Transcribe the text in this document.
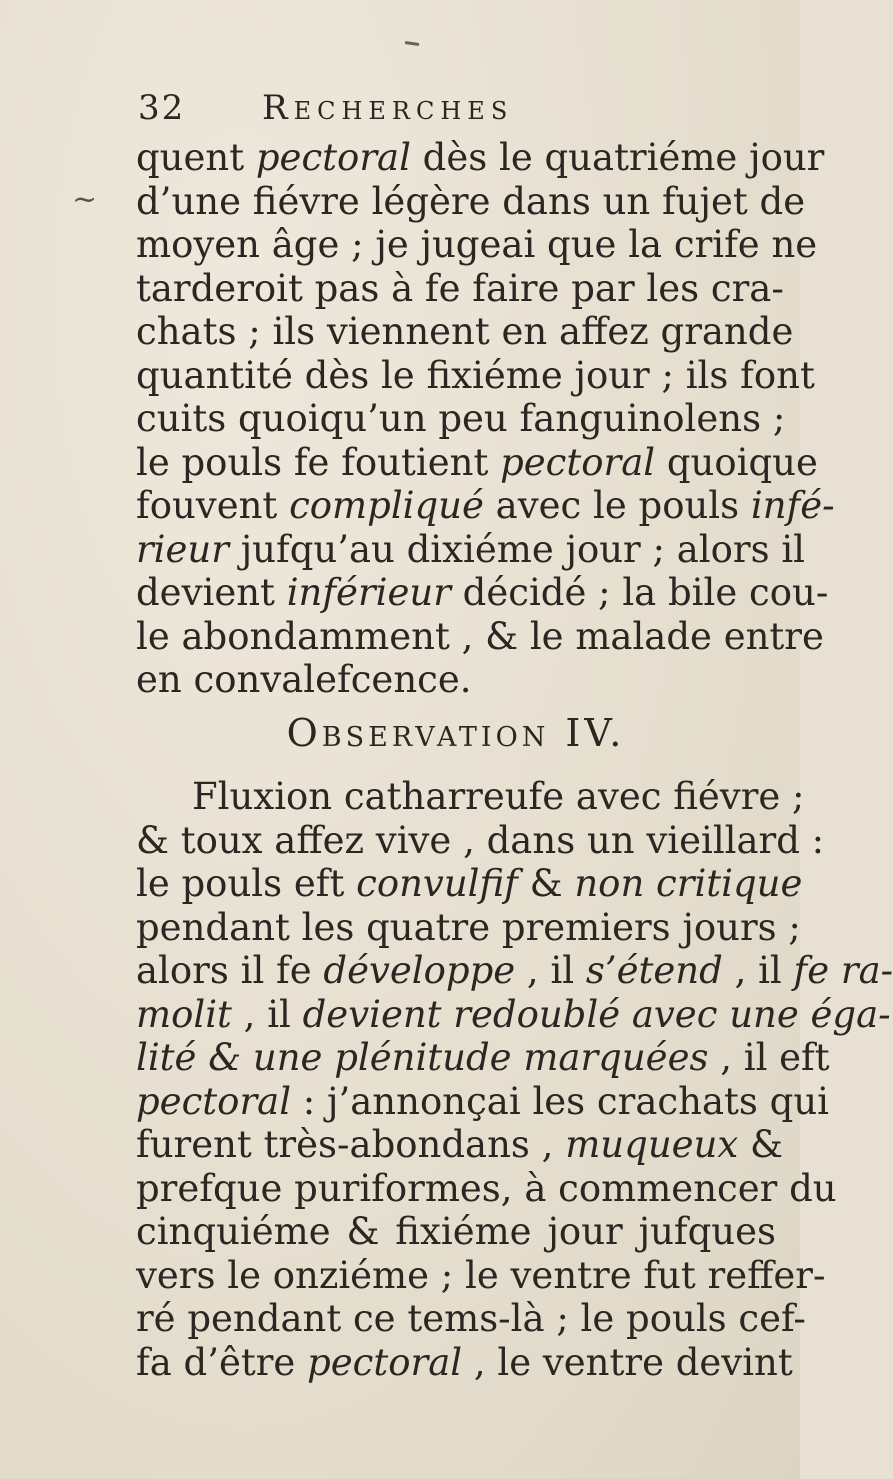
32 Recherches
~
quent pectoral dès le quatriéme jour
d’une fiévre légère dans un fujet de
moyen âge ; je jugeai que la crife ne
tarderoit pas à fe faire par les cra-
chats ; ils viennent en affez grande
quantité dès le fixiéme jour ; ils font
cuits quoiqu’un peu fanguinolens ;
le pouls fe foutient pectoral quoique
fouvent compliqué avec le pouls infé-
rieur jufqu’au dixiéme jour ; alors il
devient inférieur décidé ; la bile cou-
le abondamment , & le malade entre
en convalefcence.
Observation IV.
Fluxion catharreufe avec fiévre ;
& toux affez vive , dans un vieillard :
le pouls eft convulfif & non critique
pendant les quatre premiers jours ;
alors il fe développe , il s’étend , il fe ra-
molit , il devient redoublé avec une éga-
lité & une plénitude marquées , il eft
pectoral : j’annonçai les crachats qui
furent très-abondans , muqueux &
prefque puriformes, à commencer du
cinquiéme & fixiéme jour jufques
vers le onziéme ; le ventre fut reffer-
ré pendant ce tems-là ; le pouls cef-
fa d’être pectoral , le ventre devint
